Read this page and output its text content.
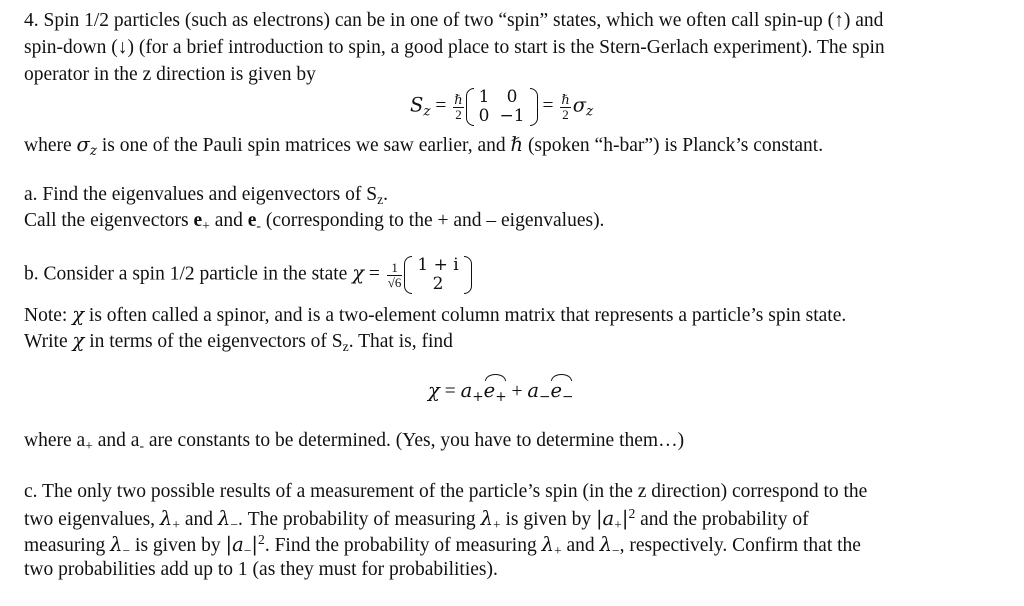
4. Spin 1/2 particles (such as electrons) can be in one of two “spin” states, which we often call spin-up (↑) and
spin-down (↓) (for a brief introduction to spin, a good place to start is the Stern-Gerlach experiment). The spin
operator in the z direction is given by
$S_z = \frac{\text{ℏ}}{2} 1$	0
0	$-1 = \frac{\text{ℏ}}{2} \sigma_z$
where $\sigma_z$ is one of the Pauli spin matrices we saw earlier, and ℏ (spoken “h-bar”) is Planck’s constant.
a. Find the eigenvalues and eigenvectors of $S_z$.
Call the eigenvectors $e_+$ and $e_-$ (corresponding to the + and – eigenvalues).
b. Consider a spin 1/2 particle in the state $\chi = \frac{1}{√6} 1 + i$
2
Note: χ is often called a spinor, and is a two-element column matrix that represents a particle’s spin state.
Write χ in terms of the eigenvectors of $S_z$. That is, find
$\chi = a_+e_+ + a_-e_-$
where $a_+$ and $a_-$ are constants to be determined. (Yes, you have to determine them…)
c. The only two possible results of a measurement of the particle’s spin (in the z direction) correspond to the
two eigenvalues, $\lambda_+$ and $\lambda_-$. The probability of measuring $\lambda_+$ is given by $|a_+|^2$ and the probability of
measuring $\lambda_-$ is given by $|a_-|^2$. Find the probability of measuring $\lambda_+$ and $\lambda_-$, respectively. Confirm that the
two probabilities add up to 1 (as they must for probabilities).
